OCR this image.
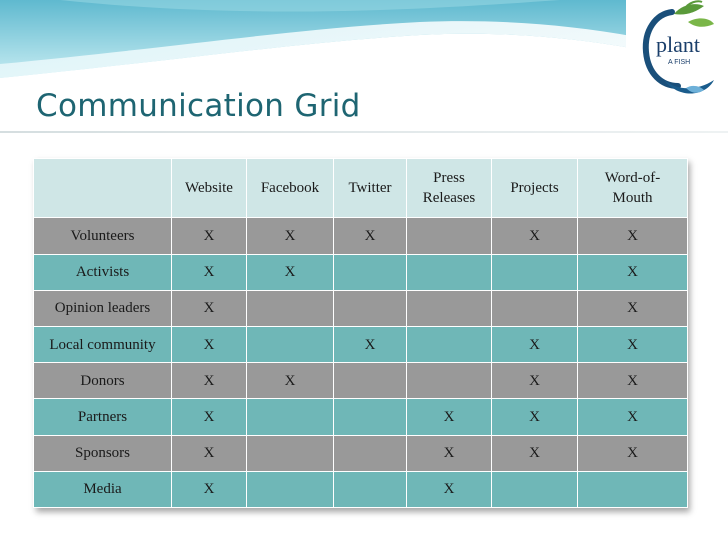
plant
A FISH
Communication Grid
	Website	Facebook	Twitter	Press Releases	Projects	Word-of-Mouth
Volunteers	X	X	X		X	X
Activists	X	X				X
Opinion leaders	X					X
Local community	X		X		X	X
Donors	X	X			X	X
Partners	X			X	X	X
Sponsors	X			X	X	X
Media	X			X		
